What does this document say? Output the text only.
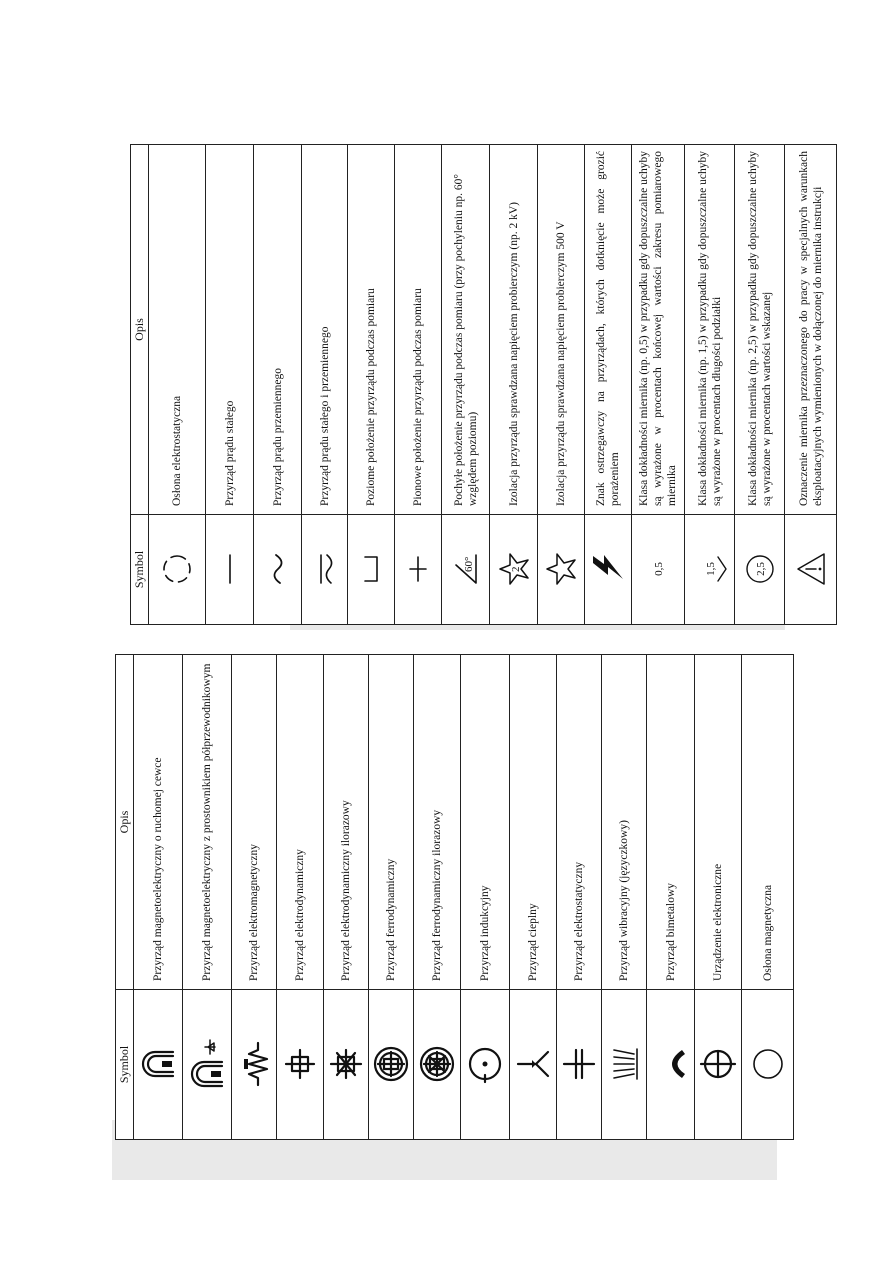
Symbol	Opis

	Przyrząd magnetoelektryczny o ruchomej cewce

	Przyrząd magnetoelektryczny z prostownikiem półprzewodnikowym

	Przyrząd elektromagnetyczny

	Przyrząd elektrodynamiczny

	Przyrząd elektrodynamiczny ilorazowy

	Przyrząd ferrodynamiczny

	Przyrząd ferrodynamiczny ilorazowy

	Przyrząd indukcyjny

	Przyrząd cieplny

	Przyrząd elektrostatyczny

	Przyrząd wibracyjny (języczkowy)

	Przyrząd bimetalowy

	Urządzenie elektroniczne

	Osłona magnetyczna
Symbol	Opis

	Osłona elektrostatyczna

	Przyrząd prądu stałego

	Przyrząd prądu przemiennego

	Przyrząd prądu stałego i przemiennego

	Poziome położenie przyrządu podczas pomiaru

	Pionowe położenie przyrządu podczas pomiaru

60°	Pochyłe położenie przyrządu podczas pomiaru (przy pochyleniu np. 60° względem poziomu)

2	Izolacja przyrządu sprawdzana napięciem probierczym (np. 2 kV)

	Izolacja przyrządu sprawdzana napięciem probierczym 500 V

	Znak ostrzegawczy na przyrządach, których dotknięcie może grozić porażeniem

0,5	Klasa dokładności miernika (np. 0,5) w przypadku gdy dopuszczalne uchyby są wyrażone w procentach końcowej wartości zakresu pomiarowego miernika

1,5	Klasa dokładności miernika (np. 1,5) w przypadku gdy dopuszczalne uchyby są wyrażone w procentach długości podziałki

2,5	Klasa dokładności miernika (np. 2,5) w przypadku gdy dopuszczalne uchyby są wyrażone w procentach wartości wskazanej

	Oznaczenie miernika przeznaczonego do pracy w specjalnych warunkach eksploatacyjnych wymienionych w dołączonej do miernika instrukcji
